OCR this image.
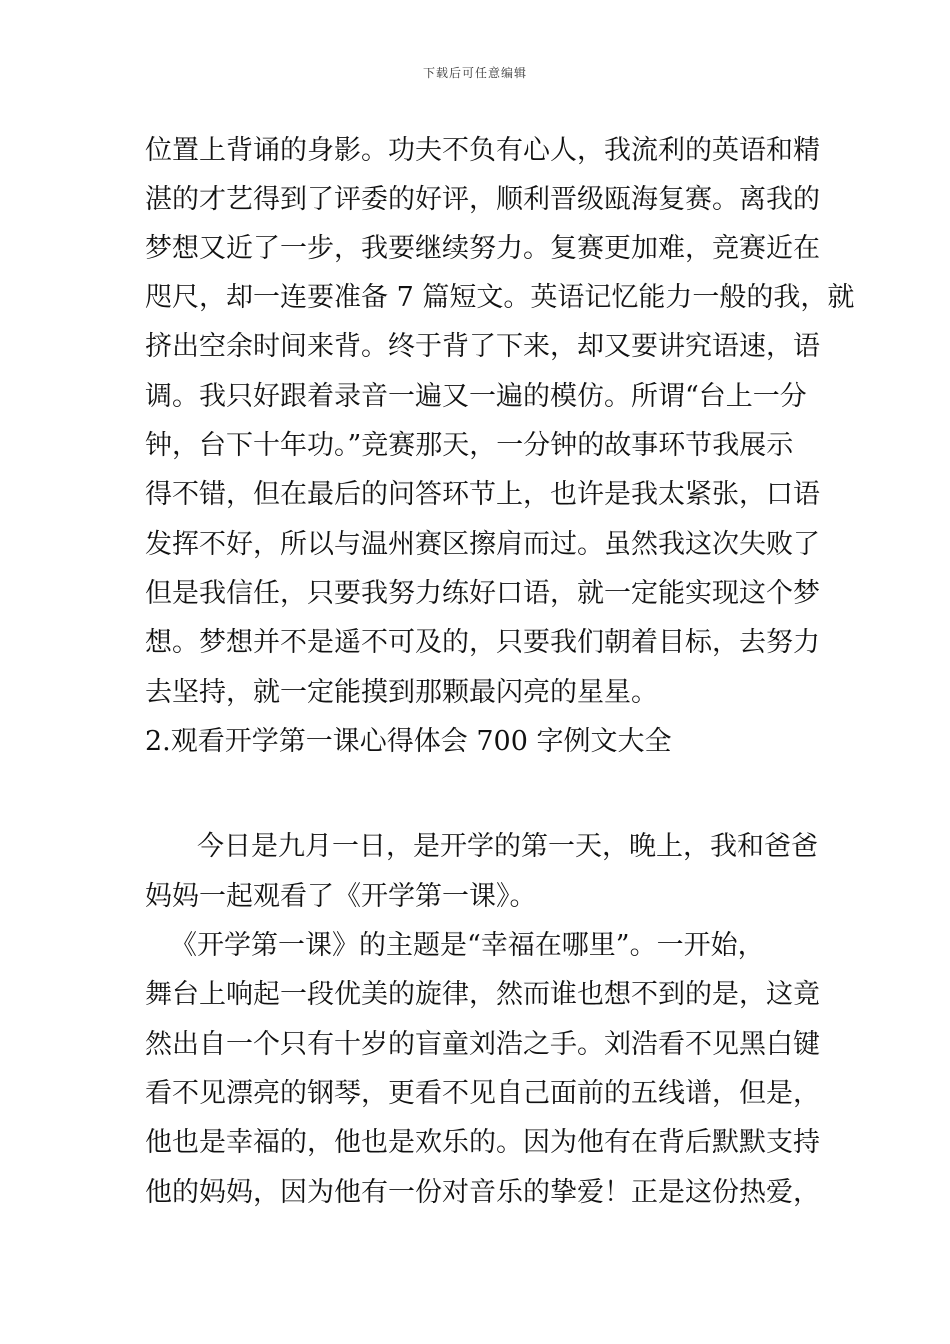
下载后可任意编辑
位置上背诵的身影。功夫不负有心人，我流利的英语和精
湛的才艺得到了评委的好评，顺利晋级瓯海复赛。离我的
梦想又近了一步，我要继续努力。复赛更加难，竞赛近在
咫尺，却一连要准备 7 篇短文。英语记忆能力一般的我，就
挤出空余时间来背。终于背了下来，却又要讲究语速，语
调。我只好跟着录音一遍又一遍的模仿。所谓“台上一分
钟，台下十年功。”竞赛那天，一分钟的故事环节我展示
得不错，但在最后的问答环节上，也许是我太紧张，口语
发挥不好，所以与温州赛区擦肩而过。虽然我这次失败了
但是我信任，只要我努力练好口语，就一定能实现这个梦
想。梦想并不是遥不可及的，只要我们朝着目标，去努力
去坚持，就一定能摸到那颗最闪亮的星星。
2.观看开学第一课心得体会 700 字例文大全
今日是九月一日，是开学的第一天，晚上，我和爸爸
妈妈一起观看了《开学第一课》。
《开学第一课》的主题是“幸福在哪里”。一开始，
舞台上响起一段优美的旋律，然而谁也想不到的是，这竟
然出自一个只有十岁的盲童刘浩之手。刘浩看不见黑白键
看不见漂亮的钢琴，更看不见自己面前的五线谱，但是，
他也是幸福的，他也是欢乐的。因为他有在背后默默支持
他的妈妈，因为他有一份对音乐的挚爱！正是这份热爱，
